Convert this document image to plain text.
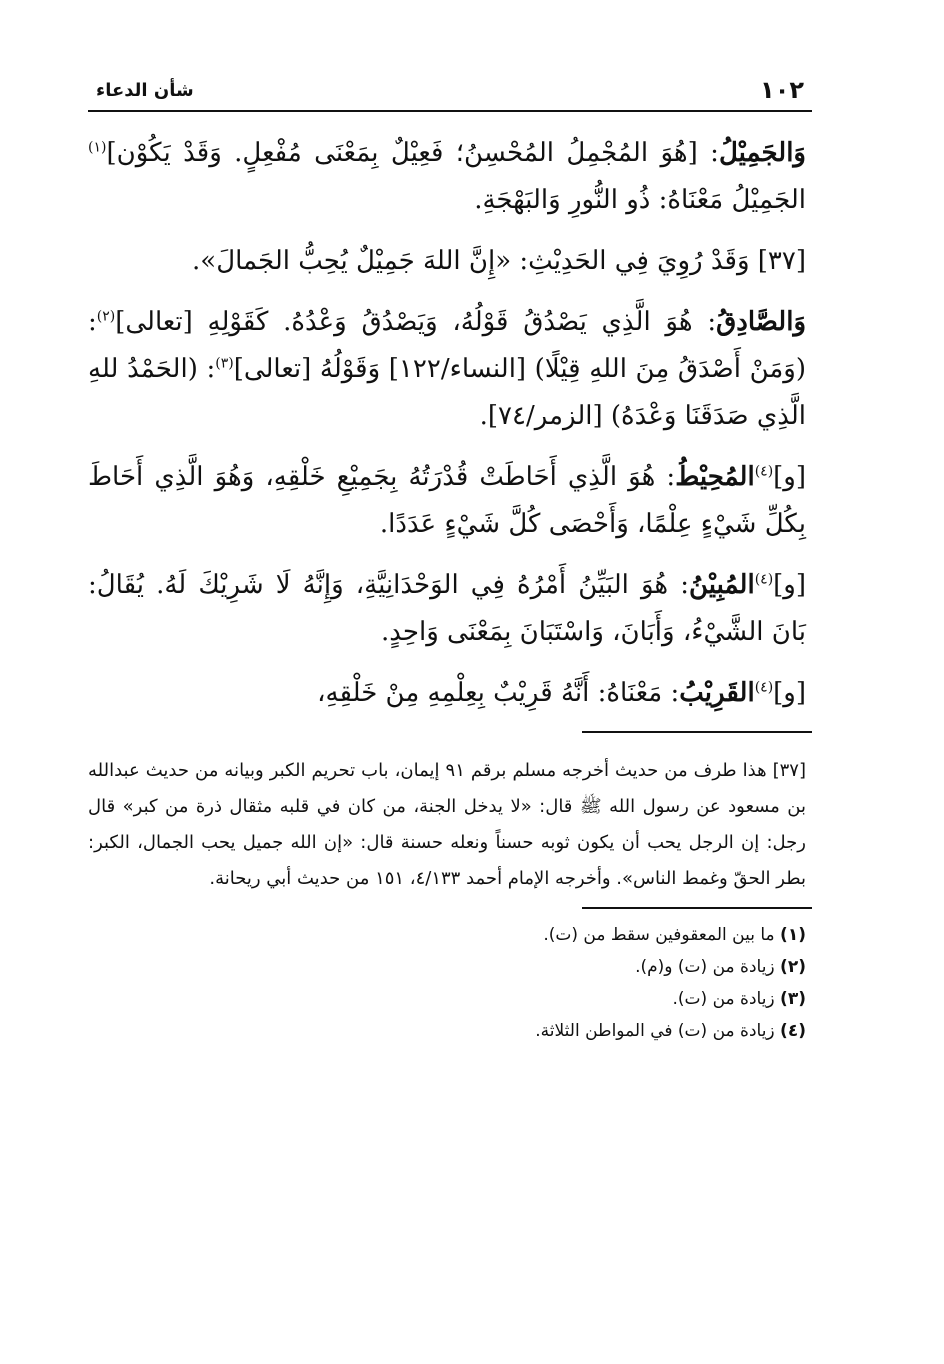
١٠٢
شأن الدعاء

وَالجَمِيْلُ: [هُوَ المُجْمِلُ المُحْسِنُ؛ فَعِيْلٌ بِمَعْنَى مُفْعِلٍ. وَقَدْ يَكُوْن]$^{(١)}$ الجَمِيْلُ مَعْنَاهُ: ذُو النُّورِ وَالبَهْجَةِ.

[٣٧] وَقَدْ رُوِيَ فِي الحَدِيْثِ: «إِنَّ اللهَ جَمِيْلٌ يُحِبُّ الجَمالَ».

وَالصَّادِقُ: هُوَ الَّذِي يَصْدُقُ قَوْلُهُ، وَيَصْدُقُ وَعْدُهُ. كَقَوْلِهِ [تعالى]$^{(٢)}$: (وَمَنْ أَصْدَقُ مِنَ اللهِ قِيْلًا) [النساء/١٢٢] وَقَوْلُهُ [تعالى]$^{(٣)}$: (الحَمْدُ للهِ الَّذِي صَدَقَنَا وَعْدَهُ) [الزمر/٧٤].

[و]$^{(٤)}$المُحِيْطُ: هُوَ الَّذِي أَحَاطَتْ قُدْرَتُهُ بِجَمِيْعِ خَلْقِهِ، وَهُوَ الَّذِي أَحَاطَ بِكُلِّ شَيْءٍ عِلْمًا، وَأَحْصَى كُلَّ شَيْءٍ عَدَدًا.

[و]$^{(٤)}$المُبِيْنُ: هُوَ البَيِّنُ أَمْرُهُ فِي الوَحْدَانِيَّةِ، وَإِنَّهُ لَا شَرِيْكَ لَهُ. يُقَالُ: بَانَ الشَّيْءُ، وَأَبَانَ، وَاسْتَبَانَ بِمَعْنَى وَاحِدٍ.

[و]$^{(٤)}$القَرِيْبُ: مَعْنَاهُ: أَنَّهُ قَرِيْبٌ بِعِلْمِهِ مِنْ خَلْقِهِ،

[٣٧] هذا طرف من حديث أخرجه مسلم برقم ٩١ إيمان، باب تحريم الكبر وبيانه من حديث عبدالله بن مسعود عن رسول الله ﷺ قال: «لا يدخل الجنة، من كان في قلبه مثقال ذرة من كبر» قال رجل: إن الرجل يحب أن يكون ثوبه حسناً ونعله حسنة قال: «إن الله جميل يحب الجمال، الكبر: بطر الحقّ وغمط الناس». وأخرجه الإمام أحمد ٤/١٣٣، ١٥١ من حديث أبي ريحانة.

(١) ما بين المعقوفين سقط من (ت).

(٢) زيادة من (ت) و(م).

(٣) زيادة من (ت).

(٤) زيادة من (ت) في المواطن الثلاثة.
